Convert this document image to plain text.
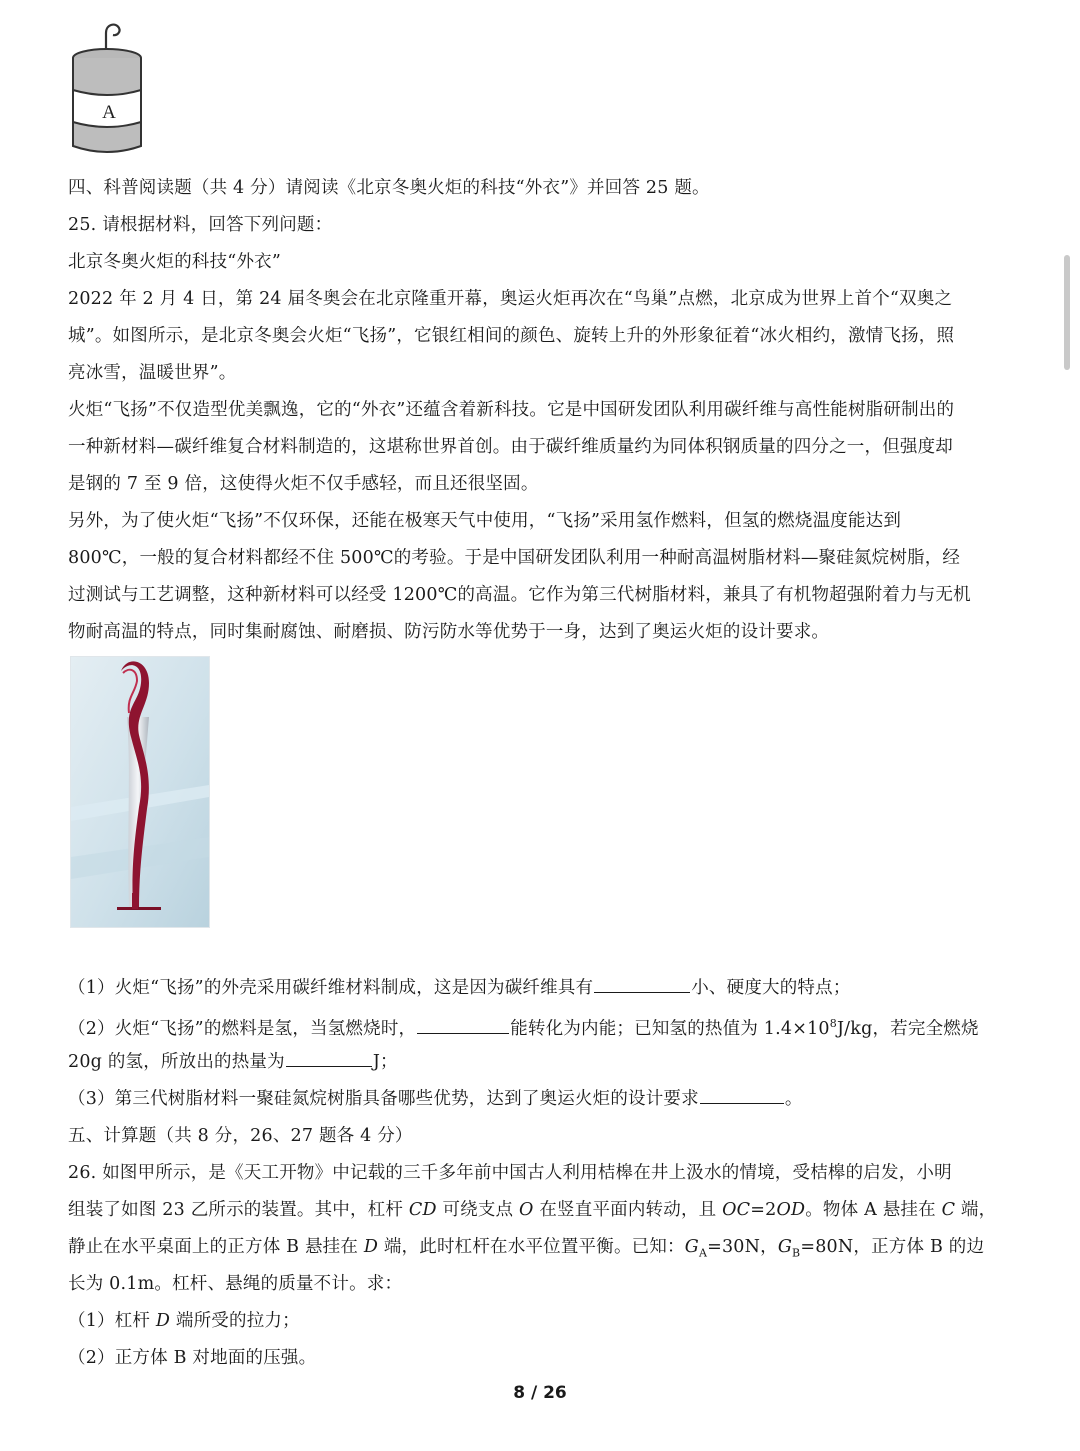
A
四、科普阅读题（共 4 分）请阅读《北京冬奥火炬的科技“外衣”》并回答 25 题。
25. 请根据材料，回答下列问题：
北京冬奥火炬的科技“外衣”
2022 年 2 月 4 日，第 24 届冬奥会在北京隆重开幕，奥运火炬再次在“鸟巢”点燃，北京成为世界上首个“双奥之
城”。如图所示，是北京冬奥会火炬“飞扬”，它银红相间的颜色、旋转上升的外形象征着“冰火相约，激情飞扬，照
亮冰雪，温暖世界”。
火炬“飞扬”不仅造型优美飘逸，它的“外衣”还蕴含着新科技。它是中国研发团队利用碳纤维与高性能树脂研制出的
一种新材料—碳纤维复合材料制造的，这堪称世界首创。由于碳纤维质量约为同体积钢质量的四分之一，但强度却
是钢的 7 至 9 倍，这使得火炬不仅手感轻，而且还很坚固。
另外，为了使火炬“飞扬”不仅环保，还能在极寒天气中使用，“飞扬”采用氢作燃料，但氢的燃烧温度能达到
800℃，一般的复合材料都经不住 500℃的考验。于是中国研发团队利用一种耐高温树脂材料—聚硅氮烷树脂，经
过测试与工艺调整，这种新材料可以经受 1200℃的高温。它作为第三代树脂材料，兼具了有机物超强附着力与无机
物耐高温的特点，同时集耐腐蚀、耐磨损、防污防水等优势于一身，达到了奥运火炬的设计要求。
（1）火炬“飞扬”的外壳采用碳纤维材料制成，这是因为碳纤维具有	小、硬度大的特点；
（2）火炬“飞扬”的燃料是氢，当氢燃烧时，	能转化为内能；已知氢的热值为 $1.4\times 10^8J/kg$，若完全燃烧
20g 的氢，所放出的热量为	J；
（3）第三代树脂材料一聚硅氮烷树脂具备哪些优势，达到了奥运火炬的设计要求	。
五、计算题（共 8 分，26、27 题各 4 分）
26. 如图甲所示，是《天工开物》中记载的三千多年前中国古人利用桔槔在井上汲水的情境，受桔槔的启发，小明
组装了如图 23 乙所示的装置。其中，杠杆 CD 可绕支点 O 在竖直平面内转动，且 OC=2OD。物体 A 悬挂在 C 端，
静止在水平桌面上的正方体 B 悬挂在 D 端，此时杠杆在水平位置平衡。已知：$G_A=30N$，$G_B=80N$，正方体 B 的边
长为 0.1m。杠杆、悬绳的质量不计。求：
（1）杠杆 D 端所受的拉力；
（2）正方体 B 对地面的压强。
8 / 26
